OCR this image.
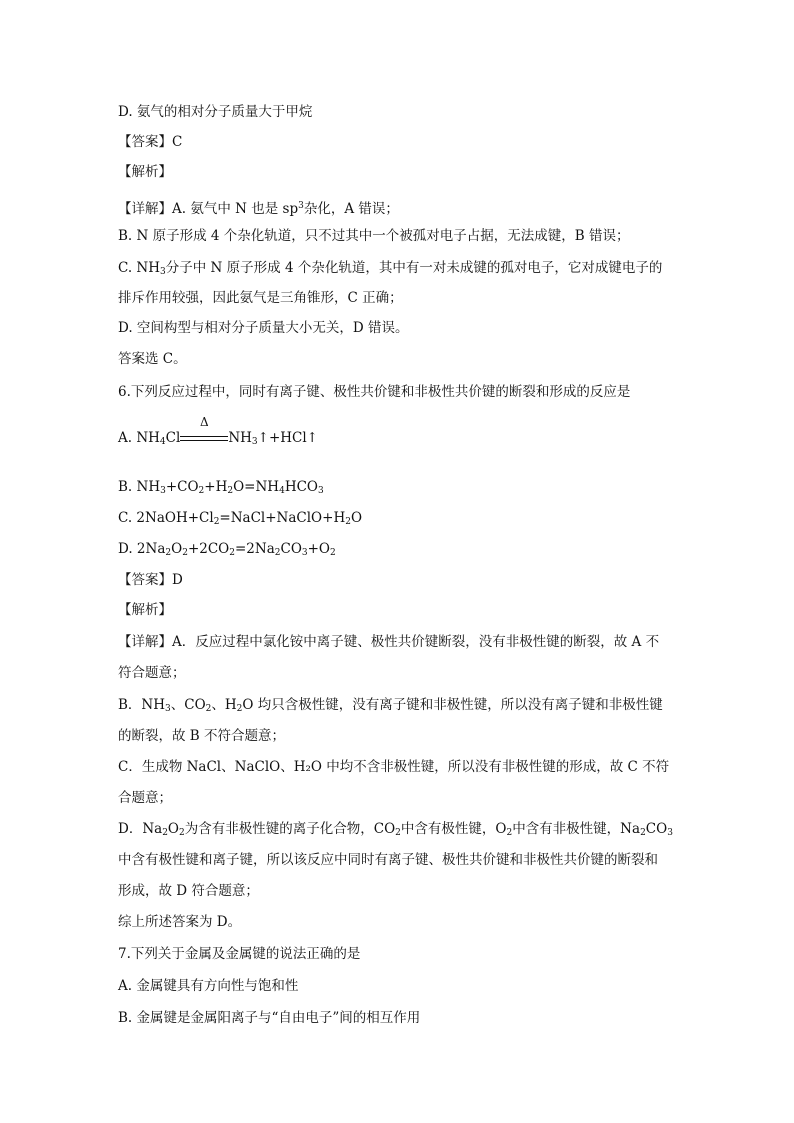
D. 氨气的相对分子质量大于甲烷
【答案】C
【解析】
【详解】A. 氨气中 N 也是 $sp^3$杂化，A 错误；
B. N 原子形成 4 个杂化轨道，只不过其中一个被孤对电子占据，无法成键，B 错误；
C. $NH_3$分子中 N 原子形成 4 个杂化轨道，其中有一对未成键的孤对电子，它对成键电子的
排斥作用较强，因此氨气是三角锥形，C 正确；
D. 空间构型与相对分子质量大小无关，D 错误。
答案选 C。
6.下列反应过程中，同时有离子键、极性共价键和非极性共价键的断裂和形成的反应是
A. $NH_4Cl$
Δ
$NH_3↑+HCl↑$
B. $NH_3+CO_2+H_2O=NH_4HCO_3$
C. $2NaOH+Cl_2=NaCl+NaClO+H_2O$
D. $2Na_2O_2+2CO_2=2Na_2CO_3+O_2$
【答案】D
【解析】
【详解】A．反应过程中氯化铵中离子键、极性共价键断裂，没有非极性键的断裂，故 A 不
符合题意；
B．$NH_3$、$CO_2$、$H_2O$ 均只含极性键，没有离子键和非极性键，所以没有离子键和非极性键
的断裂，故 B 不符合题意；
C．生成物 NaCl、NaClO、H₂O 中均不含非极性键，所以没有非极性键的形成，故 C 不符
合题意；
D．$Na_2O_2$为含有非极性键的离子化合物，$CO_2$中含有极性键，$O_2$中含有非极性键，$Na_2CO_3$
中含有极性键和离子键，所以该反应中同时有离子键、极性共价键和非极性共价键的断裂和
形成，故 D 符合题意；
综上所述答案为 D。
7.下列关于金属及金属键的说法正确的是
A. 金属键具有方向性与饱和性
B. 金属键是金属阳离子与“自由电子”间的相互作用
